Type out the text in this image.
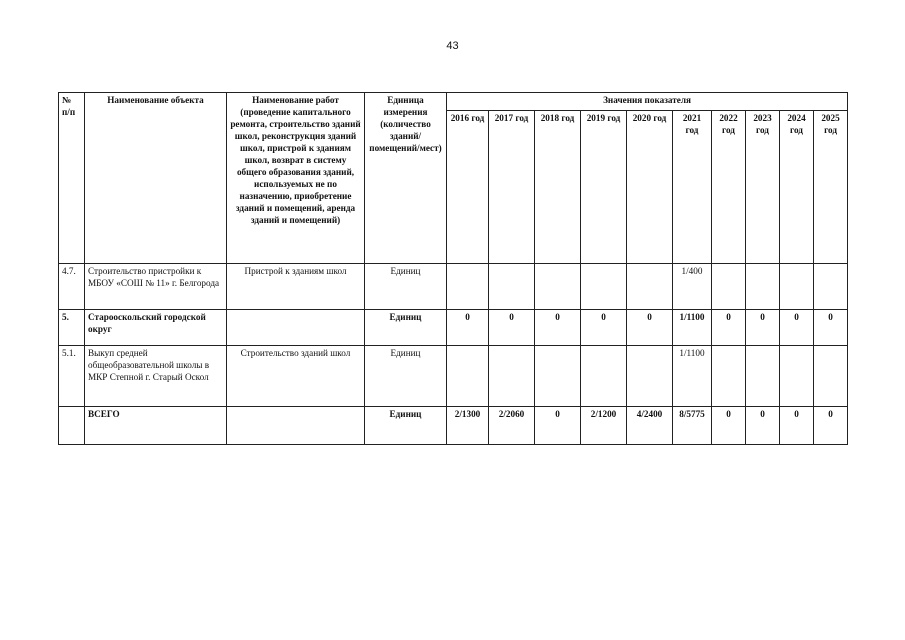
43
№ п/п	Наименование объекта	Наименование работ (проведение капитального ремонта, строительство зданий школ, реконструкция зданий школ, пристрой к зданиям школ, возврат в систему общего образования зданий, используемых не по назначению, приобретение зданий и помещений, аренда зданий и помещений)	Единица измерения (количество зданий/помещений/мест)	Значения показателя									
				2016 год	2017 год	2018 год	2019 год	2020 год	2021 год	2022 год	2023 год	2024 год	2025 год
4.7.	Строительство пристройки к МБОУ «СОШ № 11» г. Белгорода	Пристрой к зданиям школ	Единиц						1/400				
5.	Старооскольский городской округ		Единиц	0	0	0	0	0	1/1100	0	0	0	0
5.1.	Выкуп средней общеобразовательной школы в МКР Степной г. Старый Оскол	Строительство зданий школ	Единиц						1/1100				
	ВСЕГО		Единиц	2/1300	2/2060	0	2/1200	4/2400	8/5775	0	0	0	0
